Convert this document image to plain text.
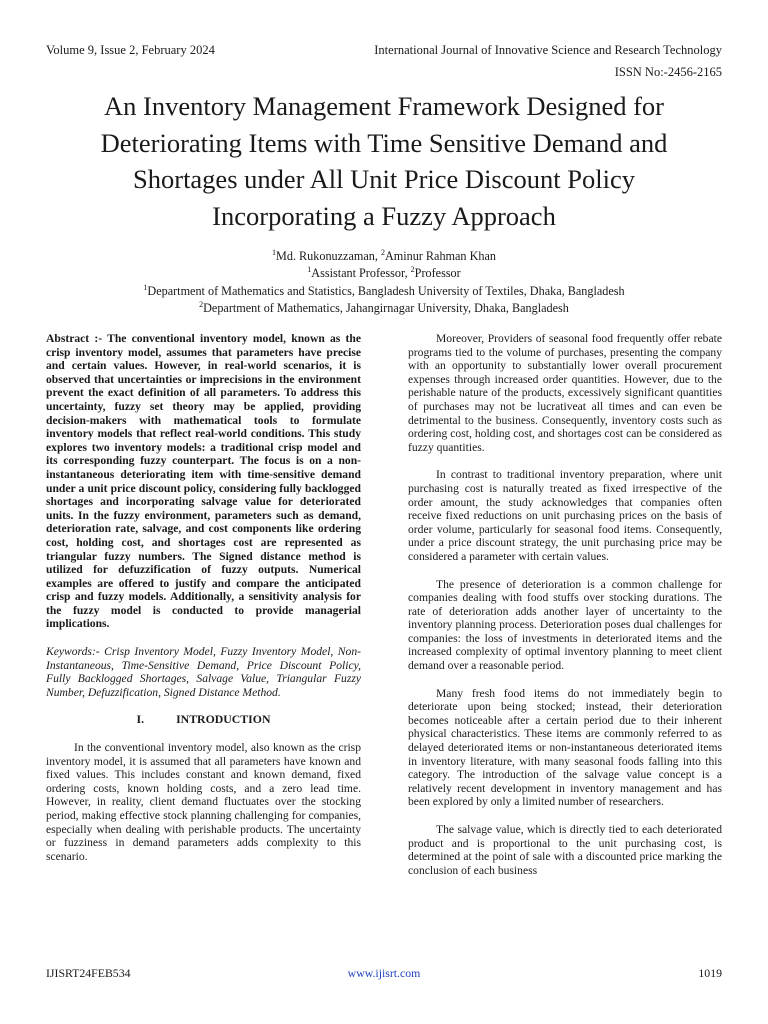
Volume 9, Issue 2, February 2024	International Journal of Innovative Science and Research Technology
ISSN No:-2456-2165
An Inventory Management Framework Designed for
Deteriorating Items with Time Sensitive Demand and
Shortages under All Unit Price Discount Policy
Incorporating a Fuzzy Approach
$^1$Md. Rukonuzzaman, $^2$Aminur Rahman Khan
$^1$Assistant Professor, $^2$Professor
$^1$Department of Mathematics and Statistics, Bangladesh University of Textiles, Dhaka, Bangladesh
$^2$Department of Mathematics, Jahangirnagar University, Dhaka, Bangladesh

Abstract :- The conventional inventory model, known as the crisp inventory model, assumes that parameters have precise and certain values. However, in real-world scenarios, it is observed that uncertainties or imprecisions in the environment prevent the exact definition of all parameters. To address this uncertainty, fuzzy set theory may be applied, providing decision-makers with mathematical tools to formulate inventory models that reflect real-world conditions. This study explores two inventory models: a traditional crisp model and its corresponding fuzzy counterpart. The focus is on a non-instantaneous deteriorating item with time-sensitive demand under a unit price discount policy, considering fully backlogged shortages and incorporating salvage value for deteriorated units. In the fuzzy environment, parameters such as demand, deterioration rate, salvage, and cost components like ordering cost, holding cost, and shortages cost are represented as triangular fuzzy numbers. The Signed distance method is utilized for defuzzification of fuzzy outputs. Numerical examples are offered to justify and compare the anticipated crisp and fuzzy models. Additionally, a sensitivity analysis for the fuzzy model is conducted to provide managerial implications.

Keywords:- Crisp Inventory Model, Fuzzy Inventory Model, Non-Instantaneous, Time-Sensitive Demand, Price Discount Policy, Fully Backlogged Shortages, Salvage Value, Triangular Fuzzy Number, Defuzzification, Signed Distance Method.

I.	INTRODUCTION

In the conventional inventory model, also known as the crisp inventory model, it is assumed that all parameters have known and fixed values. This includes constant and known demand, fixed ordering costs, known holding costs, and a zero lead time. However, in reality, client demand fluctuates over the stocking period, making effective stock planning challenging for companies, especially when dealing with perishable products. The uncertainty or fuzziness in demand parameters adds complexity to this scenario.

Moreover, Providers of seasonal food frequently offer rebate programs tied to the volume of purchases, presenting the company with an opportunity to substantially lower overall procurement expenses through increased order quantities. However, due to the perishable nature of the products, excessively significant quantities of purchases may not be lucrativeat all times and can even be detrimental to the business. Consequently, inventory costs such as ordering cost, holding cost, and shortages cost can be considered as fuzzy quantities.

In contrast to traditional inventory preparation, where unit purchasing cost is naturally treated as fixed irrespective of the order amount, the study acknowledges that companies often receive fixed reductions on unit purchasing prices on the basis of order volume, particularly for seasonal food items. Consequently, under a price discount strategy, the unit purchasing price may be considered a parameter with certain values.

The presence of deterioration is a common challenge for companies dealing with food stuffs over stocking durations. The rate of deterioration adds another layer of uncertainty to the inventory planning process. Deterioration poses dual challenges for companies: the loss of investments in deteriorated items and the increased complexity of optimal inventory planning to meet client demand over a reasonable period.

Many fresh food items do not immediately begin to deteriorate upon being stocked; instead, their deterioration becomes noticeable after a certain period due to their inherent physical characteristics. These items are commonly referred to as delayed deteriorated items or non-instantaneous deteriorated items in inventory literature, with many seasonal foods falling into this category. The introduction of the salvage value concept is a relatively recent development in inventory management and has been explored by only a limited number of researchers.

The salvage value, which is directly tied to each deteriorated product and is proportional to the unit purchasing cost, is determined at the point of sale with a discounted price marking the conclusion of each business

IJISRT24FEB534	www.ijisrt.com	1019
